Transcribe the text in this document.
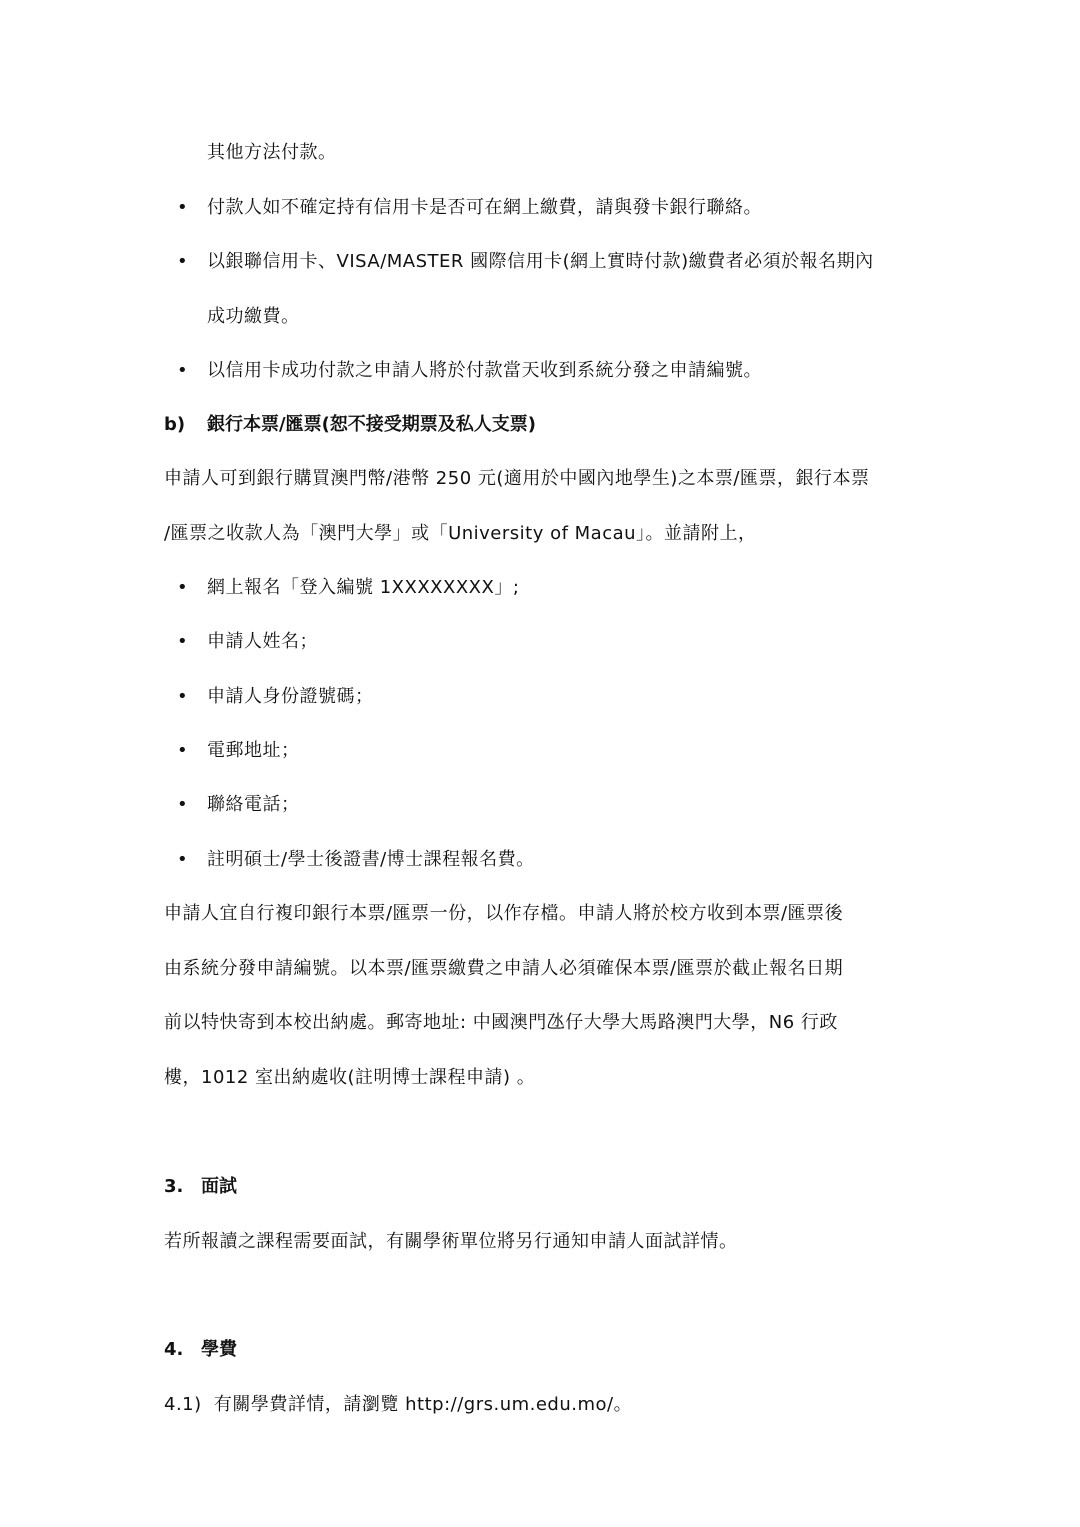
其他方法付款。
• 付款人如不確定持有信用卡是否可在網上繳費，請與發卡銀行聯絡。
• 以銀聯信用卡、VISA/MASTER 國際信用卡(網上實時付款)繳費者必須於報名期內
成功繳費。
• 以信用卡成功付款之申請人將於付款當天收到系統分發之申請編號。
b) 銀行本票/匯票(恕不接受期票及私人支票)
申請人可到銀行購買澳門幣/港幣 250 元(適用於中國內地學生)之本票/匯票，銀行本票
/匯票之收款人為「澳門大學」或「University of Macau」。並請附上，
• 網上報名「登入編號 1XXXXXXXX」;
• 申請人姓名；
• 申請人身份證號碼；
• 電郵地址；
• 聯絡電話；
• 註明碩士/學士後證書/博士課程報名費。
申請人宜自行複印銀行本票/匯票一份，以作存檔。申請人將於校方收到本票/匯票後
由系統分發申請編號。以本票/匯票繳費之申請人必須確保本票/匯票於截止報名日期
前以特快寄到本校出納處。郵寄地址: 中國澳門氹仔大學大馬路澳門大學，N6 行政
樓，1012 室出納處收(註明博士課程申請) 。
3. 面試
若所報讀之課程需要面試，有關學術單位將另行通知申請人面試詳情。
4. 學費
4.1) 有關學費詳情，請瀏覽 http://grs.um.edu.mo/。
